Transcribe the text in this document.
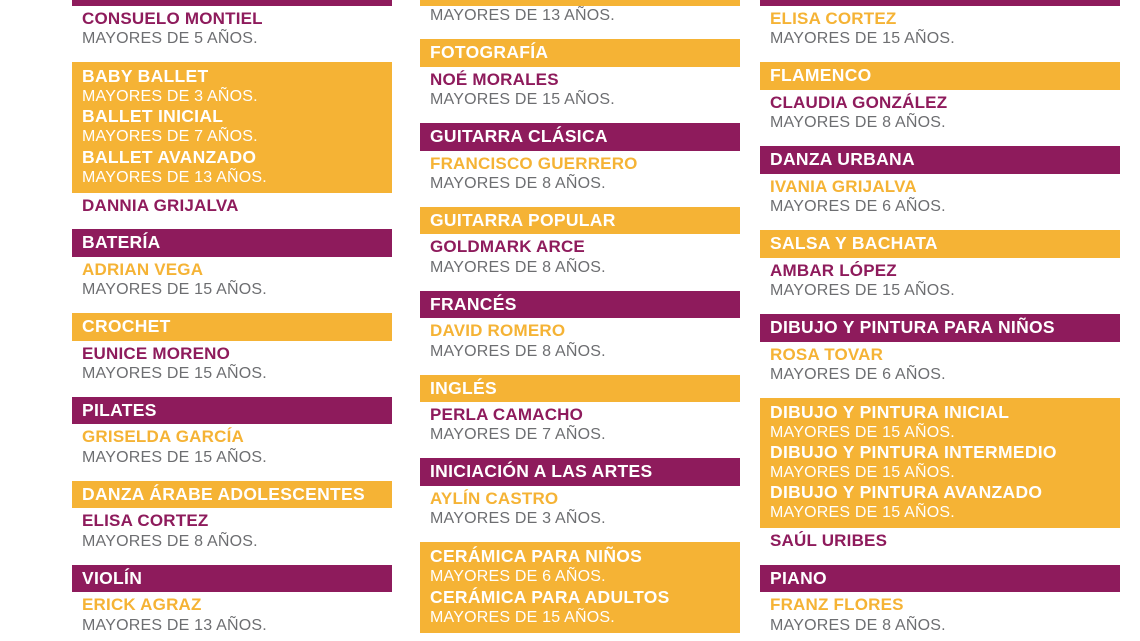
CONSUELO MONTIEL
MAYORES DE 5 AÑOS.
BABY BALLET
MAYORES DE 3 AÑOS.
BALLET INICIAL
MAYORES DE 7 AÑOS.
BALLET AVANZADO
MAYORES DE 13 AÑOS.
DANNIA GRIJALVA
BATERÍA
ADRIAN VEGA
MAYORES DE 15 AÑOS.
CROCHET
EUNICE MORENO
MAYORES DE 15 AÑOS.
PILATES
GRISELDA GARCÍA
MAYORES DE 15 AÑOS.
DANZA ÁRABE ADOLESCENTES
ELISA CORTEZ
MAYORES DE 8 AÑOS.
VIOLÍN
ERICK AGRAZ
MAYORES DE 13 AÑOS.
MAYORES DE 13 AÑOS.
FOTOGRAFÍA
NOÉ MORALES
MAYORES DE 15 AÑOS.
GUITARRA CLÁSICA
FRANCISCO GUERRERO
MAYORES DE 8 AÑOS.
GUITARRA POPULAR
GOLDMARK ARCE
MAYORES DE 8 AÑOS.
FRANCÉS
DAVID ROMERO
MAYORES DE 8 AÑOS.
INGLÉS
PERLA CAMACHO
MAYORES DE 7 AÑOS.
INICIACIÓN A LAS ARTES
AYLÍN CASTRO
MAYORES DE 3 AÑOS.
CERÁMICA PARA NIÑOS
MAYORES DE 6 AÑOS.
CERÁMICA PARA ADULTOS
MAYORES DE 15 AÑOS.
ELISA CORTEZ
MAYORES DE 15 AÑOS.
FLAMENCO
CLAUDIA GONZÁLEZ
MAYORES DE 8 AÑOS.
DANZA URBANA
IVANIA GRIJALVA
MAYORES DE 6 AÑOS.
SALSA Y BACHATA
AMBAR LÓPEZ
MAYORES DE 15 AÑOS.
DIBUJO Y PINTURA PARA NIÑOS
ROSA TOVAR
MAYORES DE 6 AÑOS.
DIBUJO Y PINTURA INICIAL
MAYORES DE 15 AÑOS.
DIBUJO Y PINTURA INTERMEDIO
MAYORES DE 15 AÑOS.
DIBUJO Y PINTURA AVANZADO
MAYORES DE 15 AÑOS.
SAÚL URIBES
PIANO
FRANZ FLORES
MAYORES DE 8 AÑOS.
